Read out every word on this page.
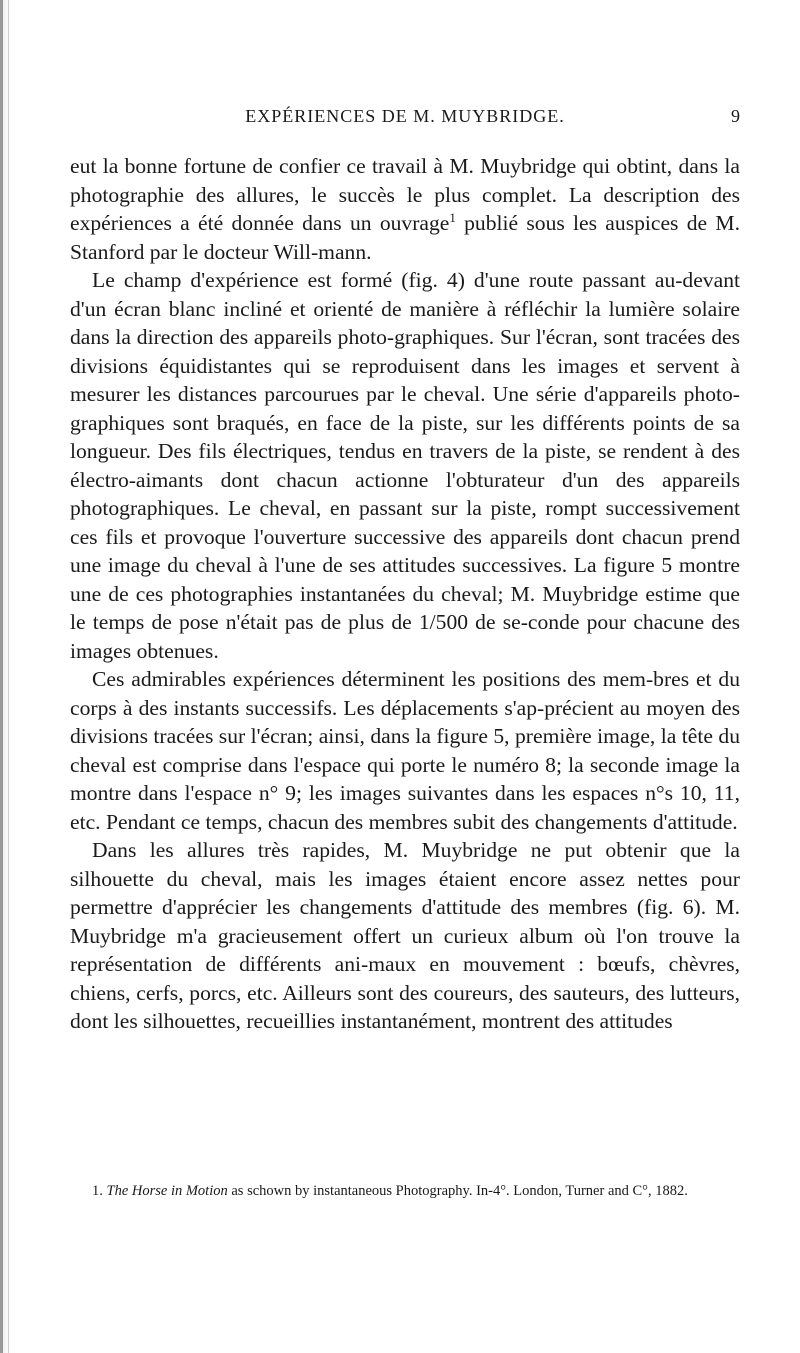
EXPÉRIENCES DE M. MUYBRIDGE.	9

eut la bonne fortune de confier ce travail à M. Muybridge qui obtint, dans la photographie des allures, le succès le plus complet. La description des expériences a été donnée dans un ouvrage$^1$ publié sous les auspices de M. Stanford par le docteur Will-mann.

Le champ d'expérience est formé (fig. 4) d'une route passant au-devant d'un écran blanc incliné et orienté de manière à réfléchir la lumière solaire dans la direction des appareils photo-graphiques. Sur l'écran, sont tracées des divisions équidistantes qui se reproduisent dans les images et servent à mesurer les distances parcourues par le cheval. Une série d'appareils photo-graphiques sont braqués, en face de la piste, sur les différents points de sa longueur. Des fils électriques, tendus en travers de la piste, se rendent à des électro-aimants dont chacun actionne l'obturateur d'un des appareils photographiques. Le cheval, en passant sur la piste, rompt successivement ces fils et provoque l'ouverture successive des appareils dont chacun prend une image du cheval à l'une de ses attitudes successives. La figure 5 montre une de ces photographies instantanées du cheval; M. Muybridge estime que le temps de pose n'était pas de plus de 1/500 de se-conde pour chacune des images obtenues.

Ces admirables expériences déterminent les positions des mem-bres et du corps à des instants successifs. Les déplacements s'ap-précient au moyen des divisions tracées sur l'écran; ainsi, dans la figure 5, première image, la tête du cheval est comprise dans l'espace qui porte le numéro 8; la seconde image la montre dans l'espace n° 9; les images suivantes dans les espaces n°s 10, 11, etc. Pendant ce temps, chacun des membres subit des changements d'attitude.

Dans les allures très rapides, M. Muybridge ne put obtenir que la silhouette du cheval, mais les images étaient encore assez nettes pour permettre d'apprécier les changements d'attitude des membres (fig. 6). M. Muybridge m'a gracieusement offert un curieux album où l'on trouve la représentation de différents ani-maux en mouvement : bœufs, chèvres, chiens, cerfs, porcs, etc. Ailleurs sont des coureurs, des sauteurs, des lutteurs, dont les silhouettes, recueillies instantanément, montrent des attitudes

1. The Horse in Motion as schown by instantaneous Photography. In-4°. London, Turner and C°, 1882.
